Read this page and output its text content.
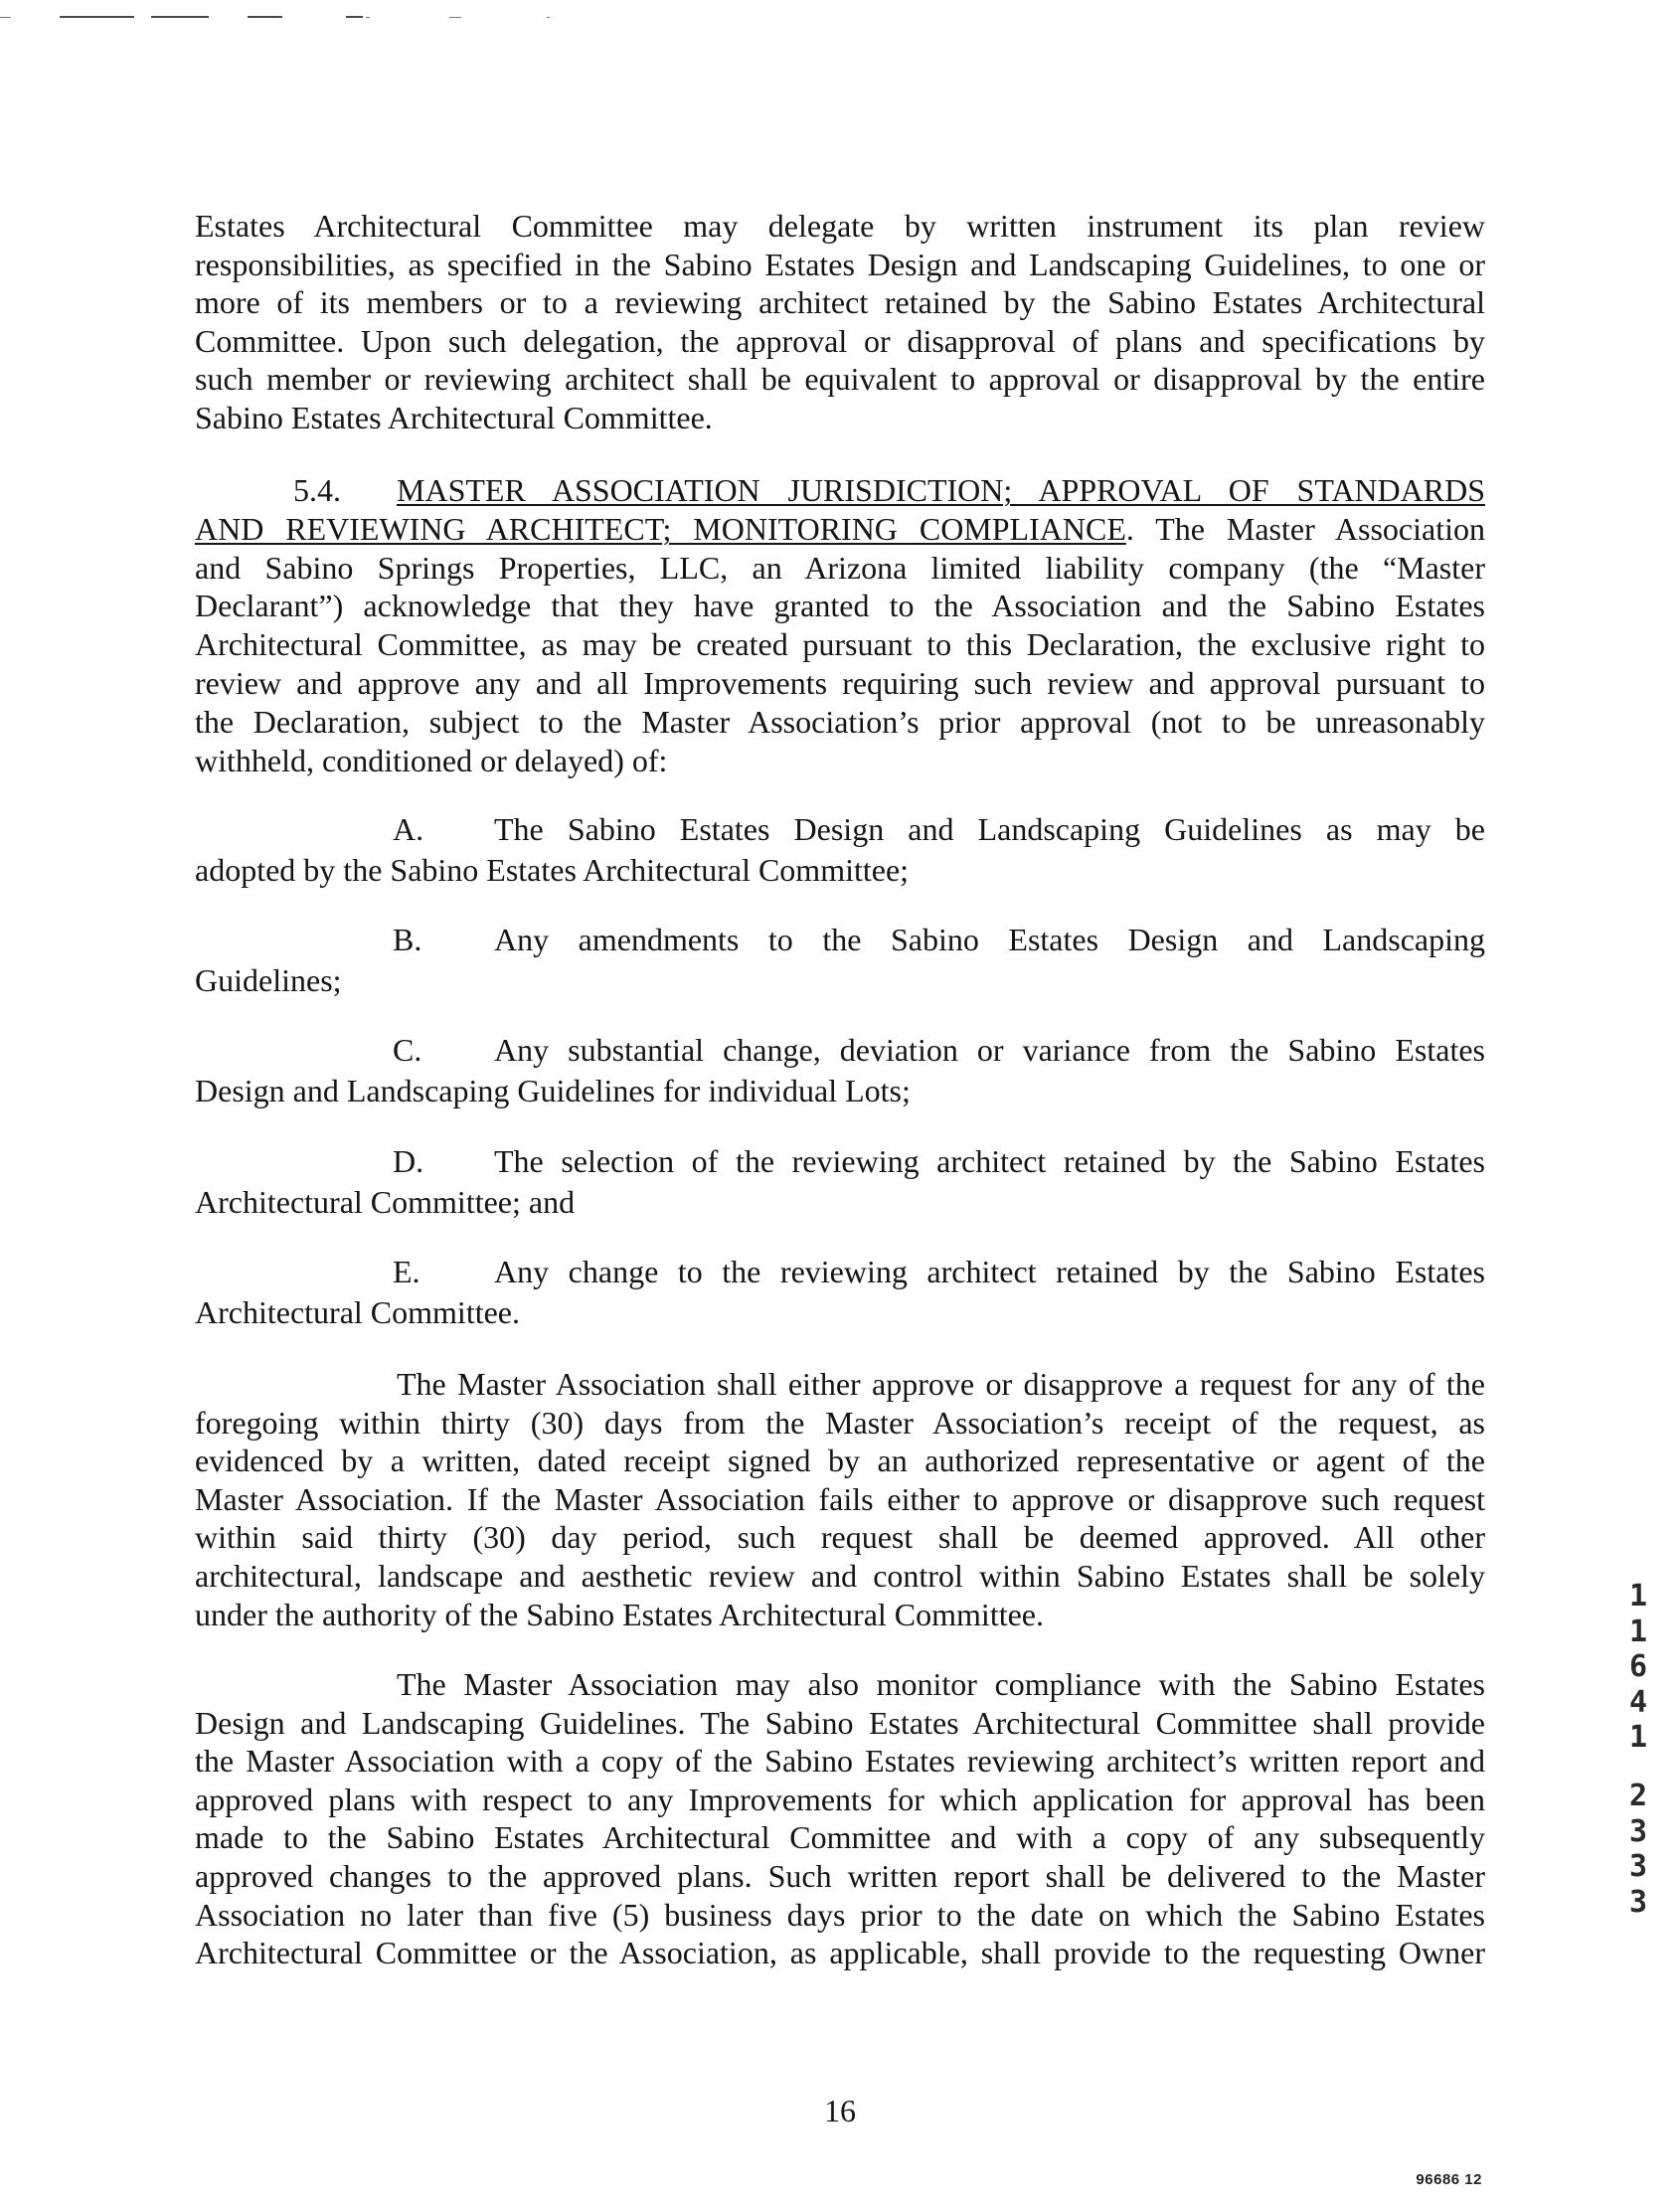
Estates Architectural Committee may delegate by written instrument its plan review
responsibilities, as specified in the Sabino Estates Design and Landscaping Guidelines, to one or
more of its members or to a reviewing architect retained by the Sabino Estates Architectural
Committee. Upon such delegation, the approval or disapproval of plans and specifications by
such member or reviewing architect shall be equivalent to approval or disapproval by the entire
Sabino Estates Architectural Committee.
5.4. MASTER ASSOCIATION JURISDICTION; APPROVAL OF STANDARDS
AND REVIEWING ARCHITECT; MONITORING COMPLIANCE. The Master Association
and Sabino Springs Properties, LLC, an Arizona limited liability company (the “Master
Declarant”) acknowledge that they have granted to the Association and the Sabino Estates
Architectural Committee, as may be created pursuant to this Declaration, the exclusive right to
review and approve any and all Improvements requiring such review and approval pursuant to
the Declaration, subject to the Master Association’s prior approval (not to be unreasonably
withheld, conditioned or delayed) of:
A. The Sabino Estates Design and Landscaping Guidelines as may be
adopted by the Sabino Estates Architectural Committee;
B. Any amendments to the Sabino Estates Design and Landscaping
Guidelines;
C. Any substantial change, deviation or variance from the Sabino Estates
Design and Landscaping Guidelines for individual Lots;
D. The selection of the reviewing architect retained by the Sabino Estates
Architectural Committee; and
E. Any change to the reviewing architect retained by the Sabino Estates
Architectural Committee.
The Master Association shall either approve or disapprove a request for any of the
foregoing within thirty (30) days from the Master Association’s receipt of the request, as
evidenced by a written, dated receipt signed by an authorized representative or agent of the
Master Association. If the Master Association fails either to approve or disapprove such request
within said thirty (30) day period, such request shall be deemed approved. All other
architectural, landscape and aesthetic review and control within Sabino Estates shall be solely
under the authority of the Sabino Estates Architectural Committee.
The Master Association may also monitor compliance with the Sabino Estates
Design and Landscaping Guidelines. The Sabino Estates Architectural Committee shall provide
the Master Association with a copy of the Sabino Estates reviewing architect’s written report and
approved plans with respect to any Improvements for which application for approval has been
made to the Sabino Estates Architectural Committee and with a copy of any subsequently
approved changes to the approved plans. Such written report shall be delivered to the Master
Association no later than five (5) business days prior to the date on which the Sabino Estates
Architectural Committee or the Association, as applicable, shall provide to the requesting Owner
11641
2333
16
96686 12
